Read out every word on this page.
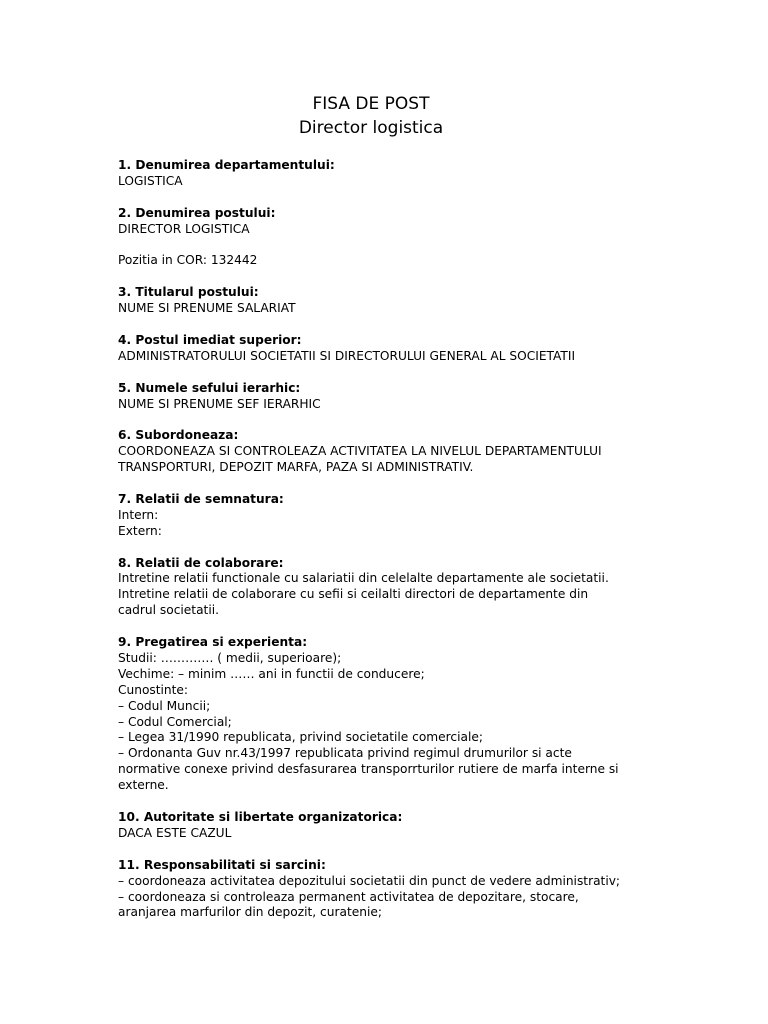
FISA DE POST
Director logistica
1. Denumirea departamentului:
LOGISTICA
2. Denumirea postului:
DIRECTOR LOGISTICA
Pozitia in COR: 132442
3. Titularul postului:
NUME SI PRENUME SALARIAT
4. Postul imediat superior:
ADMINISTRATORULUI SOCIETATII SI DIRECTORULUI GENERAL AL SOCIETATII
5. Numele sefului ierarhic:
NUME SI PRENUME SEF IERARHIC
6. Subordoneaza:
COORDONEAZA SI CONTROLEAZA ACTIVITATEA LA NIVELUL DEPARTAMENTULUI
TRANSPORTURI, DEPOZIT MARFA, PAZA SI ADMINISTRATIV.
7. Relatii de semnatura:
Intern:
Extern:
8. Relatii de colaborare:
Intretine relatii functionale cu salariatii din celelalte departamente ale societatii.
Intretine relatii de colaborare cu sefii si ceilalti directori de departamente din
cadrul societatii.
9. Pregatirea si experienta:
Studii: …………. ( medii, superioare);
Vechime: – minim …… ani in functii de conducere;
Cunostinte:
– Codul Muncii;
– Codul Comercial;
– Legea 31/1990 republicata, privind societatile comerciale;
– Ordonanta Guv nr.43/1997 republicata privind regimul drumurilor si acte
normative conexe privind desfasurarea transporrturilor rutiere de marfa interne si
externe.
10. Autoritate si libertate organizatorica:
DACA ESTE CAZUL
11. Responsabilitati si sarcini:
– coordoneaza activitatea depozitului societatii din punct de vedere administrativ;
– coordoneaza si controleaza permanent activitatea de depozitare, stocare,
aranjarea marfurilor din depozit, curatenie;
